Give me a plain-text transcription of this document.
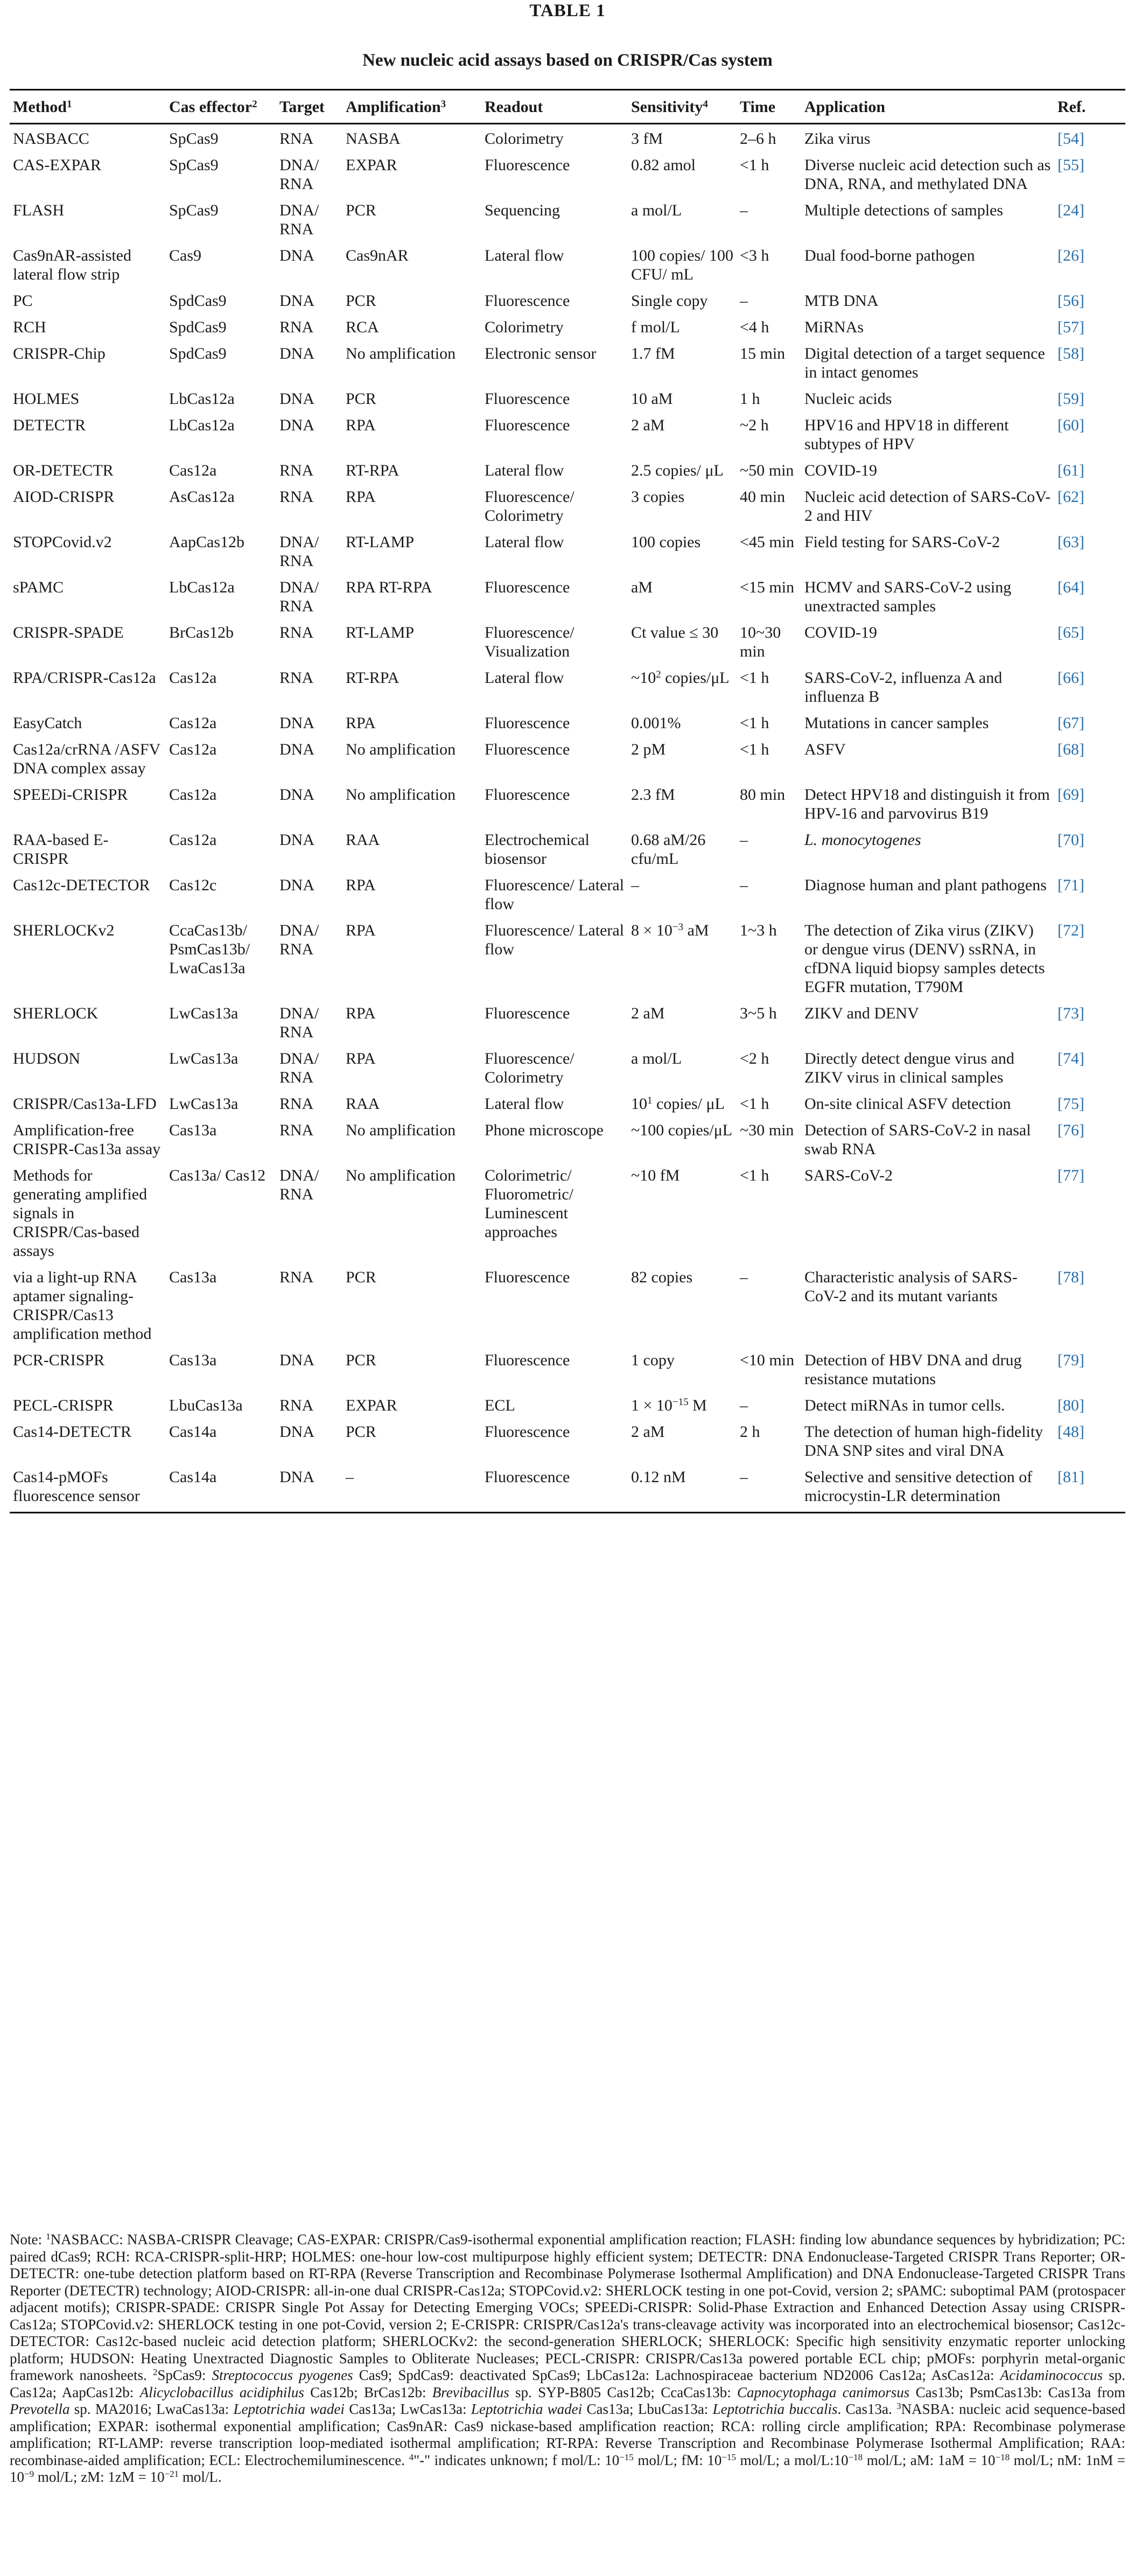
TABLE 1
New nucleic acid assays based on CRISPR/Cas system
Method$^1$	Cas effector$^2$	Target	Amplification$^3$	Readout	Sensitivity$^4$	Time	Application	Ref.
NASBACC	SpCas9	RNA	NASBA	Colorimetry	3 fM	2–6 h	Zika virus	[54]
CAS-EXPAR	SpCas9	DNA/ RNA	EXPAR	Fluorescence	0.82 amol	<1 h	Diverse nucleic acid detection such as DNA, RNA, and methylated DNA	[55]
FLASH	SpCas9	DNA/ RNA	PCR	Sequencing	a mol/L	–	Multiple detections of samples	[24]
Cas9nAR-assisted lateral flow strip	Cas9	DNA	Cas9nAR	Lateral flow	100 copies/ 100 CFU/ mL	<3 h	Dual food-borne pathogen	[26]
PC	SpdCas9	DNA	PCR	Fluorescence	Single copy	–	MTB DNA	[56]
RCH	SpdCas9	RNA	RCA	Colorimetry	f mol/L	<4 h	MiRNAs	[57]
CRISPR-Chip	SpdCas9	DNA	No amplification	Electronic sensor	1.7 fM	15 min	Digital detection of a target sequence in intact genomes	[58]
HOLMES	LbCas12a	DNA	PCR	Fluorescence	10 aM	1 h	Nucleic acids	[59]
DETECTR	LbCas12a	DNA	RPA	Fluorescence	2 aM	~2 h	HPV16 and HPV18 in different subtypes of HPV	[60]
OR-DETECTR	Cas12a	RNA	RT-RPA	Lateral flow	2.5 copies/ μL	~50 min	COVID-19	[61]
AIOD-CRISPR	AsCas12a	RNA	RPA	Fluorescence/ Colorimetry	3 copies	40 min	Nucleic acid detection of SARS-CoV-2 and HIV	[62]
STOPCovid.v2	AapCas12b	DNA/ RNA	RT-LAMP	Lateral flow	100 copies	<45 min	Field testing for SARS-CoV-2	[63]
sPAMC	LbCas12a	DNA/ RNA	RPA RT-RPA	Fluorescence	aM	<15 min	HCMV and SARS-CoV-2 using unextracted samples	[64]
CRISPR-SPADE	BrCas12b	RNA	RT-LAMP	Fluorescence/ Visualization	Ct value ≤ 30	10~30 min	COVID-19	[65]
RPA/CRISPR-Cas12a	Cas12a	RNA	RT-RPA	Lateral flow	$\sim 10^2$ copies/μL	<1 h	SARS-CoV-2, influenza A and influenza B	[66]
EasyCatch	Cas12a	DNA	RPA	Fluorescence	0.001%	<1 h	Mutations in cancer samples	[67]
Cas12a/crRNA /ASFV DNA complex assay	Cas12a	DNA	No amplification	Fluorescence	2 pM	<1 h	ASFV	[68]
SPEEDi-CRISPR	Cas12a	DNA	No amplification	Fluorescence	2.3 fM	80 min	Detect HPV18 and distinguish it from HPV-16 and parvovirus B19	[69]
RAA-based E-CRISPR	Cas12a	DNA	RAA	Electrochemical biosensor	0.68 aM/26 cfu/mL	–	L. monocytogenes	[70]
Cas12c-DETECTOR	Cas12c	DNA	RPA	Fluorescence/ Lateral flow	–	–	Diagnose human and plant pathogens	[71]
SHERLOCKv2	CcaCas13b/ PsmCas13b/ LwaCas13a	DNA/ RNA	RPA	Fluorescence/ Lateral flow	$8 \times 10^{-3}$ aM	1~3 h	The detection of Zika virus (ZIKV) or dengue virus (DENV) ssRNA, in cfDNA liquid biopsy samples detects EGFR mutation, T790M	[72]
SHERLOCK	LwCas13a	DNA/ RNA	RPA	Fluorescence	2 aM	3~5 h	ZIKV and DENV	[73]
HUDSON	LwCas13a	DNA/ RNA	RPA	Fluorescence/ Colorimetry	a mol/L	<2 h	Directly detect dengue virus and ZIKV virus in clinical samples	[74]
CRISPR/Cas13a-LFD	LwCas13a	RNA	RAA	Lateral flow	$10^1$ copies/ μL	<1 h	On-site clinical ASFV detection	[75]
Amplification-free CRISPR-Cas13a assay	Cas13a	RNA	No amplification	Phone microscope	~100 copies/μL	~30 min	Detection of SARS-CoV-2 in nasal swab RNA	[76]
Methods for generating amplified signals in CRISPR/Cas-based assays	Cas13a/ Cas12	DNA/ RNA	No amplification	Colorimetric/ Fluorometric/ Luminescent approaches	~10 fM	<1 h	SARS-CoV-2	[77]
via a light-up RNA aptamer signaling-CRISPR/Cas13 amplification method	Cas13a	RNA	PCR	Fluorescence	82 copies	–	Characteristic analysis of SARS-CoV-2 and its mutant variants	[78]
PCR-CRISPR	Cas13a	DNA	PCR	Fluorescence	1 copy	<10 min	Detection of HBV DNA and drug resistance mutations	[79]
PECL-CRISPR	LbuCas13a	RNA	EXPAR	ECL	$1 \times 10^{-15}$ M	–	Detect miRNAs in tumor cells.	[80]
Cas14-DETECTR	Cas14a	DNA	PCR	Fluorescence	2 aM	2 h	The detection of human high-fidelity DNA SNP sites and viral DNA	[48]
Cas14-pMOFs fluorescence sensor	Cas14a	DNA	–	Fluorescence	0.12 nM	–	Selective and sensitive detection of microcystin-LR determination	[81]
Note: $^1$NASBACC: NASBA-CRISPR Cleavage; CAS-EXPAR: CRISPR/Cas9-isothermal exponential amplification reaction; FLASH: finding low abundance sequences by hybridization; PC: paired dCas9; RCH: RCA-CRISPR-split-HRP; HOLMES: one-hour low-cost multipurpose highly efficient system; DETECTR: DNA Endonuclease-Targeted CRISPR Trans Reporter; OR-DETECTR: one-tube detection platform based on RT-RPA (Reverse Transcription and Recombinase Polymerase Isothermal Amplification) and DNA Endonuclease-Targeted CRISPR Trans Reporter (DETECTR) technology; AIOD-CRISPR: all-in-one dual CRISPR-Cas12a; STOPCovid.v2: SHERLOCK testing in one pot-Covid, version 2; sPAMC: suboptimal PAM (protospacer adjacent motifs); CRISPR-SPADE: CRISPR Single Pot Assay for Detecting Emerging VOCs; SPEEDi-CRISPR: Solid-Phase Extraction and Enhanced Detection Assay using CRISPR-Cas12a; STOPCovid.v2: SHERLOCK testing in one pot-Covid, version 2; E-CRISPR: CRISPR/Cas12a's trans-cleavage activity was incorporated into an electrochemical biosensor; Cas12c-DETECTOR: Cas12c-based nucleic acid detection platform; SHERLOCKv2: the second-generation SHERLOCK; SHERLOCK: Specific high sensitivity enzymatic reporter unlocking platform; HUDSON: Heating Unextracted Diagnostic Samples to Obliterate Nucleases; PECL-CRISPR: CRISPR/Cas13a powered portable ECL chip; pMOFs: porphyrin metal-organic framework nanosheets. $^2$SpCas9: Streptococcus pyogenes Cas9; SpdCas9: deactivated SpCas9; LbCas12a: Lachnospiraceae bacterium ND2006 Cas12a; AsCas12a: Acidaminococcus sp. Cas12a; AapCas12b: Alicyclobacillus acidiphilus Cas12b; BrCas12b: Brevibacillus sp. SYP-B805 Cas12b; CcaCas13b: Capnocytophaga canimorsus Cas13b; PsmCas13b: Cas13a from Prevotella sp. MA2016; LwaCas13a: Leptotrichia wadei Cas13a; LwCas13a: Leptotrichia wadei Cas13a; LbuCas13a: Leptotrichia buccalis. Cas13a. $^3$NASBA: nucleic acid sequence-based amplification; EXPAR: isothermal exponential amplification; Cas9nAR: Cas9 nickase-based amplification reaction; RCA: rolling circle amplification; RPA: Recombinase polymerase amplification; RT-LAMP: reverse transcription loop-mediated isothermal amplification; RT-RPA: Reverse Transcription and Recombinase Polymerase Isothermal Amplification; RAA: recombinase-aided amplification; ECL: Electrochemiluminescence. $^4$"-" indicates unknown; f mol/L: $10^{-15}$ mol/L; fM: $10^{-15}$ mol/L; a mol/$L:10^{-18}$ mol/L; aM: $1aM = 10^{-18}$ mol/L; nM: $1nM = 10^{-9}$ mol/L; zM: $1zM = 10^{-21}$ mol/L.
